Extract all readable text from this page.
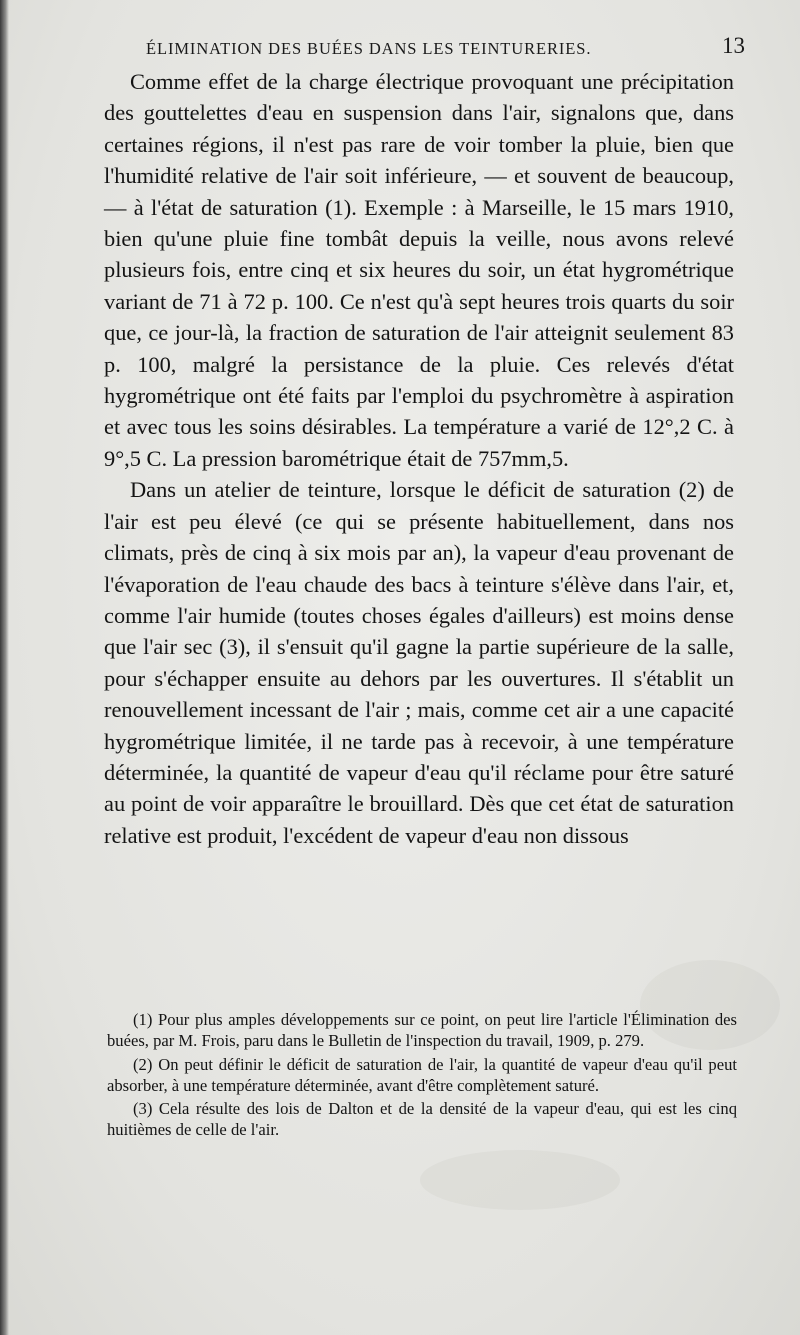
ÉLIMINATION DES BUÉES DANS LES TEINTURERIES.	13

Comme effet de la charge électrique provoquant une précipitation des gouttelettes d'eau en suspension dans l'air, signalons que, dans certaines régions, il n'est pas rare de voir tomber la pluie, bien que l'humidité relative de l'air soit inférieure, — et souvent de beaucoup, — à l'état de saturation (1). Exemple : à Marseille, le 15 mars 1910, bien qu'une pluie fine tombât depuis la veille, nous avons relevé plusieurs fois, entre cinq et six heures du soir, un état hygrométrique variant de 71 à 72 p. 100. Ce n'est qu'à sept heures trois quarts du soir que, ce jour-là, la fraction de saturation de l'air atteignit seulement 83 p. 100, malgré la persistance de la pluie. Ces relevés d'état hygrométrique ont été faits par l'emploi du psychromètre à aspiration et avec tous les soins désirables. La température a varié de 12°,2 C. à 9°,5 C. La pression barométrique était de 757mm,5.

Dans un atelier de teinture, lorsque le déficit de saturation (2) de l'air est peu élevé (ce qui se présente habituellement, dans nos climats, près de cinq à six mois par an), la vapeur d'eau provenant de l'évaporation de l'eau chaude des bacs à teinture s'élève dans l'air, et, comme l'air humide (toutes choses égales d'ailleurs) est moins dense que l'air sec (3), il s'ensuit qu'il gagne la partie supérieure de la salle, pour s'échapper ensuite au dehors par les ouvertures. Il s'établit un renouvellement incessant de l'air ; mais, comme cet air a une capacité hygrométrique limitée, il ne tarde pas à recevoir, à une température déterminée, la quantité de vapeur d'eau qu'il réclame pour être saturé au point de voir apparaître le brouillard. Dès que cet état de saturation relative est produit, l'excédent de vapeur d'eau non dissous

(1) Pour plus amples développements sur ce point, on peut lire l'article l'Élimination des buées, par M. Frois, paru dans le Bulletin de l'inspection du travail, 1909, p. 279.

(2) On peut définir le déficit de saturation de l'air, la quantité de vapeur d'eau qu'il peut absorber, à une température déterminée, avant d'être complètement saturé.

(3) Cela résulte des lois de Dalton et de la densité de la vapeur d'eau, qui est les cinq huitièmes de celle de l'air.
